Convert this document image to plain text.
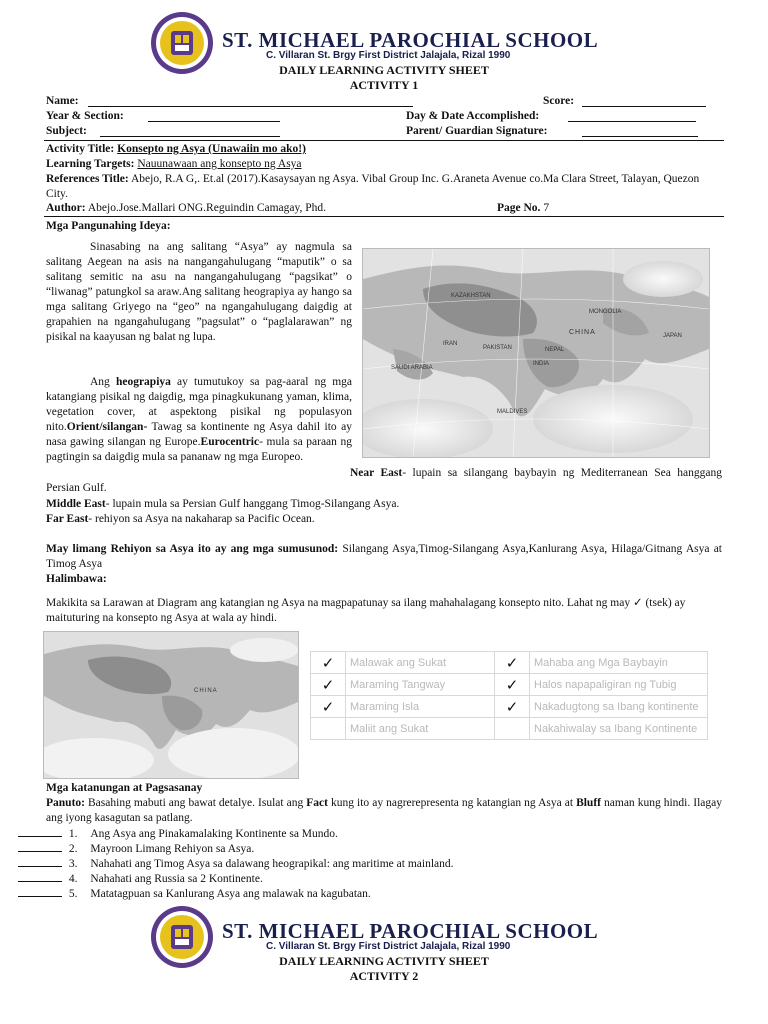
ST. MICHAEL PAROCHIAL SCHOOL
C. Villaran St. Brgy First District Jalajala, Rizal 1990
DAILY LEARNING ACTIVITY SHEET
ACTIVITY 1
Name:	Score:
Year & Section:	Day & Date Accomplished:
Subject:	Parent/ Guardian Signature:
Activity Title: Konsepto ng Asya (Unawaiin mo ako!)
Learning Targets: Nauunawaan ang konsepto ng Asya
References Title: Abejo, R.A G,. Et.al (2017).Kasaysayan ng Asya. Vibal Group Inc. G.Araneta Avenue co.Ma Clara Street, Talayan, Quezon City.
Author: Abejo.Jose.Mallari ONG.Reguindin Camagay, Phd.	Page No. 7
Mga Pangunahing Ideya:
Sinasabing na ang salitang “Asya” ay nagmula sa salitang Aegean na asis na nangangahulugang “maputik” o sa salitang semitic na asu na nangangahulugang “pagsikat” o “liwanag” patungkol sa araw.Ang salitang heograpiya ay hango sa mga salitang Griyego na “geo” na ngangahulugang daigdig at grapahien na ngangahulugang ”pagsulat” o “paglalarawan” ng pisikal na kaayusan ng balat ng lupa.
Ang heograpiya ay tumutukoy sa pag-aaral ng mga katangiang pisikal ng daigdig, mga pinagkukunang yaman, klima, vegetation cover, at aspektong pisikal ng populasyon nito.Orient/silangan- Tawag sa kontinente ng Asya dahil ito ay nasa gawing silangan ng Europe.Eurocentric- mula sa paraan ng pagtingin sa daigdig mula sa pananaw ng mga Europeo.
KAZAKHSTAN
MONGOLIA
CHINA
INDIA
JAPAN
SAUDI ARABIA
PAKISTAN	NEPAL
MALDIVES
IRAN
Near East- lupain sa silangang baybayin ng Mediterranean Sea hanggang Persian Gulf.
Middle East- lupain mula sa Persian Gulf hanggang Timog-Silangang Asya.
Far East- rehiyon sa Asya na nakaharap sa Pacific Ocean.
May limang Rehiyon sa Asya ito ay ang mga sumusunod: Silangang Asya,Timog-Silangang Asya,Kanlurang Asya, Hilaga/Gitnang Asya at Timog Asya
Halimbawa:
Makikita sa Larawan at Diagram ang katangian ng Asya na magpapatunay sa ilang mahahalagang konsepto nito. Lahat ng may ✓ (tsek) ay maituturing na konsepto ng Asya at wala ay hindi.
CHINA
✓	Malawak ang Sukat	✓	Mahaba ang Mga Baybayin
✓	Maraming Tangway	✓	Halos napapaligiran ng Tubig
✓	Maraming Isla	✓	Nakadugtong sa Ibang kontinente
	Maliit ang Sukat		Nakahiwalay sa Ibang Kontinente
Mga katanungan at Pagsasanay
Panuto: Basahing mabuti ang bawat detalye. Isulat ang Fact kung ito ay nagrerepresenta ng katangian ng Asya at Bluff naman kung hindi. Ilagay ang iyong kasagutan sa patlang.
1. Ang Asya ang Pinakamalaking Kontinente sa Mundo.
2. Mayroon Limang Rehiyon sa Asya.
3. Nahahati ang Timog Asya sa dalawang heograpikal: ang maritime at mainland.
4. Nahahati ang Russia sa 2 Kontinente.
5. Matatagpuan sa Kanlurang Asya ang malawak na kagubatan.
ST. MICHAEL PAROCHIAL SCHOOL
C. Villaran St. Brgy First District Jalajala, Rizal 1990
DAILY LEARNING ACTIVITY SHEET
ACTIVITY 2
